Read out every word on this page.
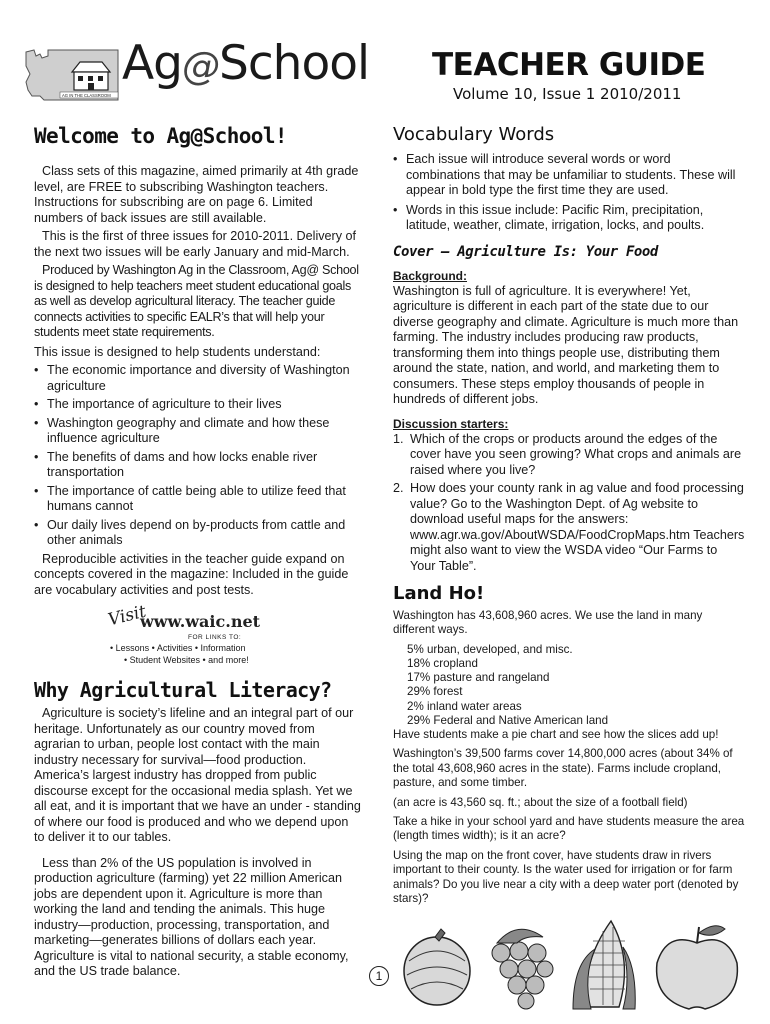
AG IN THE CLASSROOM
Ag@School TEACHER GUIDE
Volume 10, Issue 1 2010/2011
Welcome to Ag@School!

Class sets of this magazine, aimed primarily at 4th grade level, are FREE to subscribing Washington teachers. Instructions for subscribing are on page 6. Limited numbers of back issues are still available.

This is the first of three issues for 2010-2011. Delivery of the next two issues will be early January and mid-March.

Produced by Washington Ag in the Classroom, Ag@ School is designed to help teachers meet student educational goals as well as develop agricultural literacy. The teacher guide connects activities to specific EALR’s that will help your students meet state requirements.

This issue is designed to help students understand:

• The economic importance and diversity of Washington agriculture
• The importance of agriculture to their lives
• Washington geography and climate and how these influence agriculture
• The benefits of dams and how locks enable river transportation
• The importance of cattle being able to utilize feed that humans cannot
• Our daily lives depend on by-products from cattle and other animals

Reproducible activities in the teacher guide expand on concepts covered in the magazine: Included in the guide are vocabulary activities and post tests.

Visit
www.waic.net
FOR LINKS TO:
• Lessons • Activities • Information
• Student Websites • and more!
Why Agricultural Literacy?

Agriculture is society’s lifeline and an integral part of our heritage. Unfortunately as our country moved from agrarian to urban, people lost contact with the main industry necessary for survival—food production. America’s largest industry has dropped from public discourse except for the occasional media splash. Yet we all eat, and it is important that we have an under - standing of where our food is produced and who we depend upon to deliver it to our tables.

Less than 2% of the US population is involved in production agriculture (farming) yet 22 million American jobs are dependent upon it. Agriculture is more than working the land and tending the animals. This huge industry—production, processing, transportation, and marketing—generates billions of dollars each year. Agriculture is vital to national security, a stable economy, and the US trade balance.

Vocabulary Words
• Each issue will introduce several words or word combinations that may be unfamiliar to students. These will appear in bold type the first time they are used.
• Words in this issue include: Pacific Rim, precipitation, latitude, weather, climate, irrigation, locks, and poults.
Cover – Agriculture Is: Your Food
Background:

Washington is full of agriculture. It is everywhere! Yet, agriculture is different in each part of the state due to our diverse geography and climate. Agriculture is much more than farming. The industry includes producing raw products, transforming them into things people use, distributing them around the state, nation, and world, and marketing them to consumers. These steps employ thousands of people in hundreds of different jobs.

Discussion starters:
1. Which of the crops or products around the edges of the cover have you seen growing? What crops and animals are raised where you live?
2. How does your county rank in ag value and food processing value? Go to the Washington Dept. of Ag website to download useful maps for the answers: www.agr.wa.gov/AboutWSDA/FoodCropMaps.htm Teachers might also want to view the WSDA video “Our Farms to Your Table”.
Land Ho!

Washington has 43,608,960 acres. We use the land in many different ways.

5% urban, developed, and misc.
18% cropland
17% pasture and rangeland
29% forest
2% inland water areas
29% Federal and Native American land

Have students make a pie chart and see how the slices add up!

Washington’s 39,500 farms cover 14,800,000 acres (about 34% of the total 43,608,960 acres in the state). Farms include cropland, pasture, and some timber.

(an acre is 43,560 sq. ft.; about the size of a football field)

Take a hike in your school yard and have students measure the area (length times width); is it an acre?

Using the map on the front cover, have students draw in rivers important to their county. Is the water used for irrigation or for farm animals? Do you live near a city with a deep water port (denoted by stars)?

1
